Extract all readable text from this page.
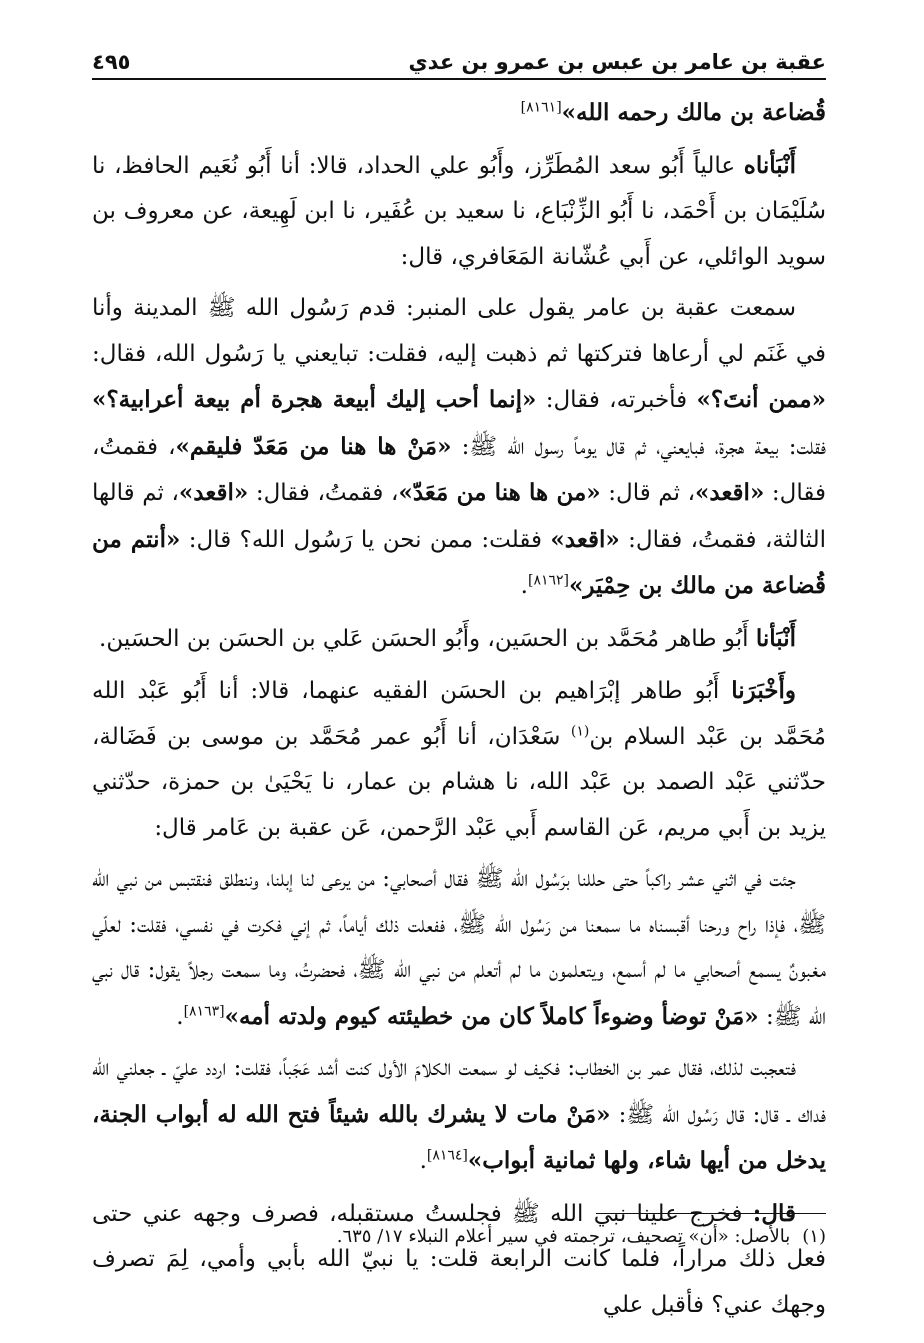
عقبة بن عامر بن عبس بن عمرو بن عدي
٤٩٥

قُضاعة بن مالك رحمه الله»[٨١٦١]

أَنْبَأناه عالياً أَبُو سعد المُطَرِّز، وأَبُو علي الحداد، قالا: أنا أَبُو نُعَيم الحافظ، نا سُلَيْمَان بن أَحْمَد، نا أَبُو الزِّنْبَاع، نا سعيد بن عُفَير، نا ابن لَهِيعة، عن معروف بن سويد الوائلي، عن أَبي عُشّانة المَعَافري، قال:

سمعت عقبة بن عامر يقول على المنبر: قدم رَسُول الله ﷺ المدينة وأنا في غَنَم لي أرعاها فتركتها ثم ذهبت إليه، فقلت: تبايعني يا رَسُول الله، فقال: «ممن أنتَ؟» فأخبرته، فقال: «إنما أحب إليك أبيعة هجرة أم بيعة أعرابية؟» فقلت: بيعة هجرة، فبايعني، ثم قال يوماً رسول الله ﷺ: «مَنْ ها هنا من مَعَدّ فليقم»، فقمتُ، فقال: «اقعد»، ثم قال: «من ها هنا من مَعَدّ»، فقمتُ، فقال: «اقعد»، ثم قالها الثالثة، فقمتُ، فقال: «اقعد» فقلت: ممن نحن يا رَسُول الله؟ قال: «أنتم من قُضاعة من مالك بن حِمْيَر»[٨١٦٢].

أَنْبَأنا أَبُو طاهر مُحَمَّد بن الحسَين، وأَبُو الحسَن عَلي بن الحسَن بن الحسَين.

وأَخْبَرَنا أَبُو طاهر إبْرَاهيم بن الحسَن الفقيه عنهما، قالا: أنا أَبُو عَبْد الله مُحَمَّد بن عَبْد السلام بن$^{(١)}$ سَعْدَان، أنا أَبُو عمر مُحَمَّد بن موسى بن فَضَالة، حدّثني عَبْد الصمد بن عَبْد الله، نا هشام بن عمار، نا يَحْيَىٰ بن حمزة، حدّثني يزيد بن أَبي مريم، عَن القاسم أَبي عَبْد الرَّحمن، عَن عقبة بن عَامر قال:

جئت في اثني عشر راكباً حتى حللنا برَسُول الله ﷺ فقال أصحابي: من يرعى لنا إبلنا، وننطلق فنقتبس من نبي الله ﷺ، فإذا راح ورحنا أقبسناه ما سمعنا من رَسُول الله ﷺ، ففعلت ذلك أياماً، ثم إني فكرت في نفسي، فقلت: لعلّي مغبونٌ يسمع أصحابي ما لم أسمع، ويتعلمون ما لم أتعلم من نبي الله ﷺ، فحضرتُ، وما سمعت رجلاً يقول: قال نبي الله ﷺ: «مَنْ توضأ وضوءاً كاملاً كان من خطيئته كيوم ولدته أمه»[٨١٦٣].

فتعجبت لذلك، فقال عمر بن الخطاب: فكيف لو سمعت الكلامَ الأول كنت أشد عَجَباً، فقلت: اردد عليّ ـ جعلني الله فداك ـ قال: قال رَسُول الله ﷺ: «مَنْ مات لا يشرك بالله شيئاً فتح الله له أبواب الجنة، يدخل من أيها شاء، ولها ثمانية أبواب»[٨١٦٤].

قال: فخرج علينا نبي الله ﷺ فجلستُ مستقبله، فصرف وجهه عني حتى فعل ذلك مراراً، فلما كانت الرابعة قلت: يا نبيّ الله بأبي وأمي، لِمَ تصرف وجهك عني؟ فأقبل علي

(١)بالأصل: «أن» تصحيف، ترجمته في سير أعلام النبلاء ١٧/ ٦٣٥.
